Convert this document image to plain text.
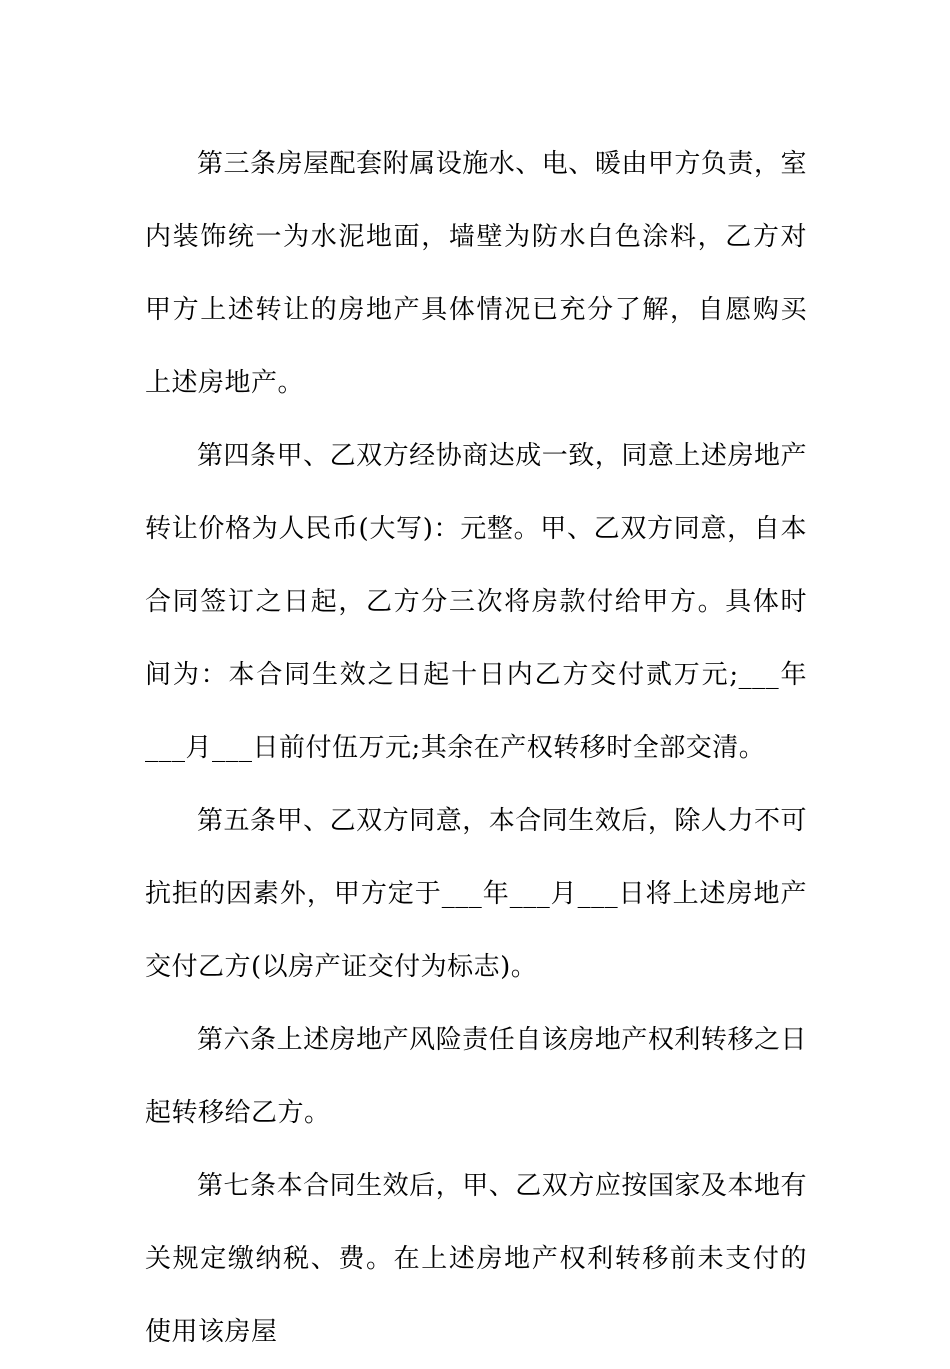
第三条房屋配套附属设施水、电、暖由甲方负责，室内装饰统一为水泥地面，墙壁为防水白色涂料，乙方对甲方上述转让的房地产具体情况已充分了解，自愿购买上述房地产。

第四条甲、乙双方经协商达成一致，同意上述房地产转让价格为人民币(大写)：元整。甲、乙双方同意，自本合同签订之日起，乙方分三次将房款付给甲方。具体时间为：本合同生效之日起十日内乙方交付贰万元;___年___月___日前付伍万元;其余在产权转移时全部交清。

第五条甲、乙双方同意，本合同生效后，除人力不可抗拒的因素外，甲方定于___年___月___日将上述房地产交付乙方(以房产证交付为标志)。

第六条上述房地产风险责任自该房地产权利转移之日起转移给乙方。

第七条本合同生效后，甲、乙双方应按国家及本地有关规定缴纳税、费。在上述房地产权利转移前未支付的使用该房屋
